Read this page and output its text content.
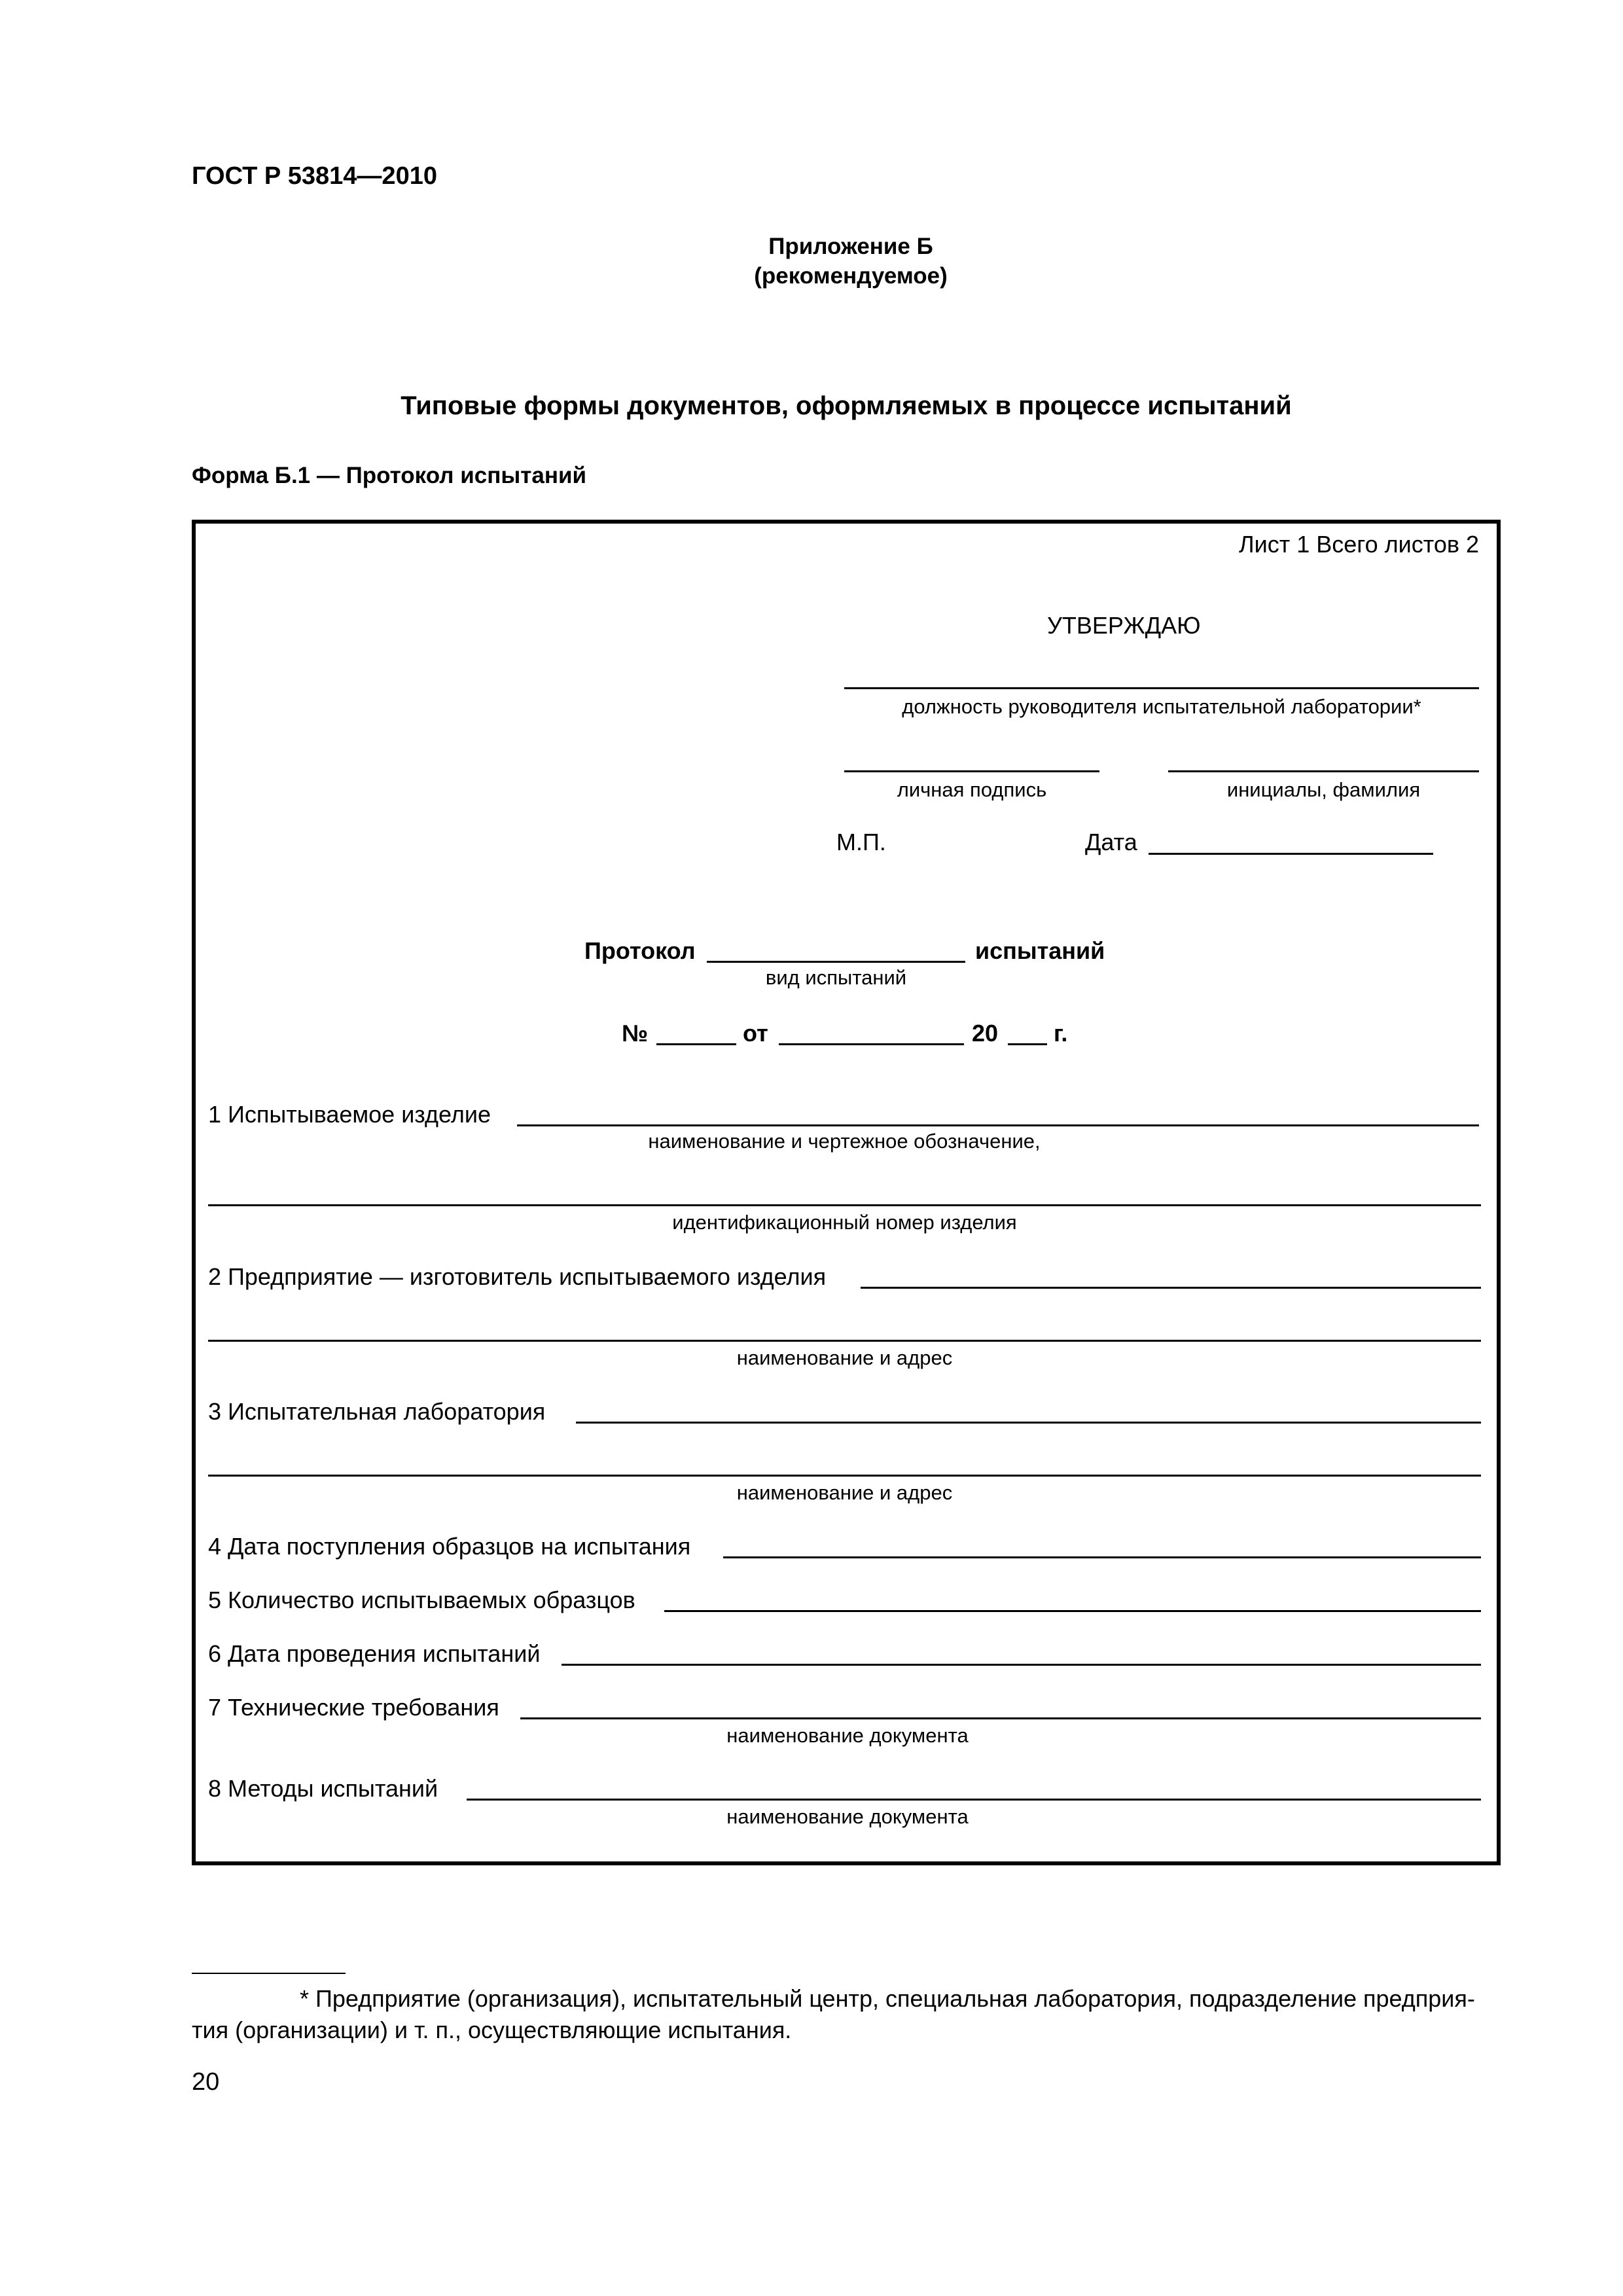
ГОСТ Р 53814—2010
Приложение Б
(рекомендуемое)
Типовые формы документов, оформляемых в процессе испытаний
Форма Б.1 — Протокол испытаний
Лист 1 Всего листов 2
УТВЕРЖДАЮ
должность руководителя испытательной лаборатории*
личная подпись	инициалы, фамилия
М.П.	Дата
Протокол	испытаний
вид испытаний
№	от	20 г.
1 Испытываемое изделие
наименование и чертежное обозначение,
идентификационный номер изделия
2 Предприятие — изготовитель испытываемого изделия
наименование и адрес
3 Испытательная лаборатория
наименование и адрес
4 Дата поступления образцов на испытания
5 Количество испытываемых образцов
6 Дата проведения испытаний
7 Технические требования
наименование документа
8 Методы испытаний
наименование документа
* Предприятие (организация), испытательный центр, специальная лаборатория, подразделение предприя-
тия (организации) и т. п., осуществляющие испытания.
20
